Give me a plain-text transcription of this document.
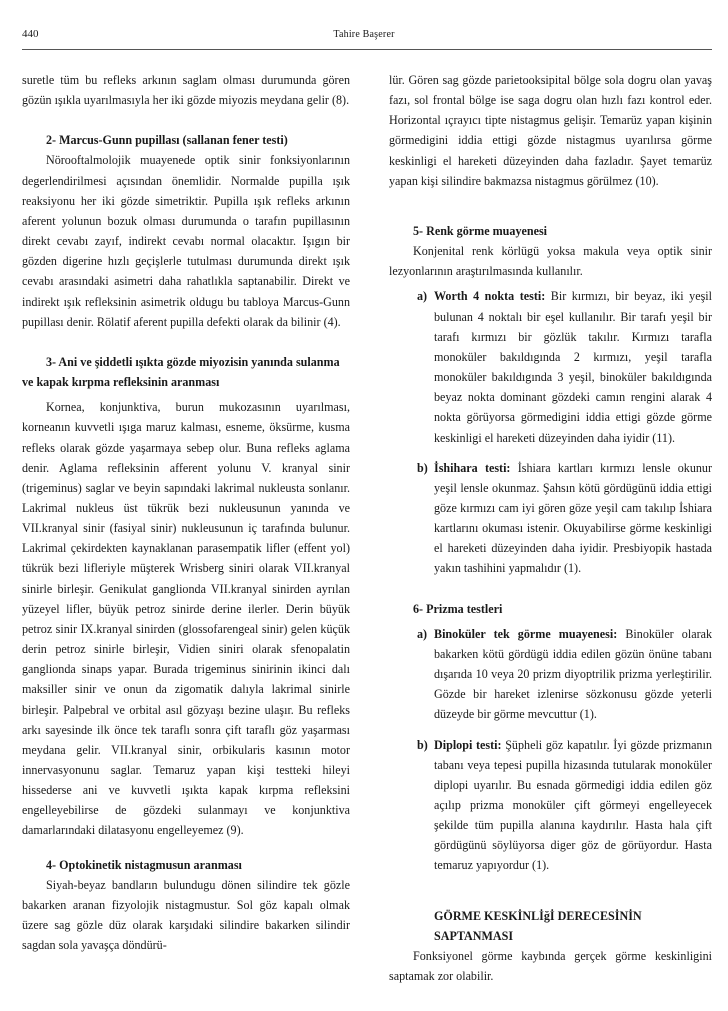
440	Tahire Başerer

suretle tüm bu refleks arkının saglam olması durumunda gören gözün ışıkla uyarılmasıyla her iki gözde miyozis meydana gelir (8).

2- Marcus-Gunn pupillası (sallanan fener testi)

Nörooftalmolojik muayenede optik sinir fonksiyonlarının degerlendirilmesi açısından önemlidir. Normalde pupilla ışık reaksiyonu her iki gözde simetriktir. Pupilla ışık refleks arkının aferent yolunun bozuk olması durumunda o tarafın pupillasının direkt cevabı zayıf, indirekt cevabı normal olacaktır. Işıgın bir gözden digerine hızlı geçişlerle tutulması durumunda direkt ışık cevabı arasındaki asimetri daha rahatlıkla saptanabilir. Direkt ve indirekt ışık refleksinin asimetrik oldugu bu tabloya Marcus-Gunn pupillası denir. Rölatif aferent pupilla defekti olarak da bilinir (4).

3- Ani ve şiddetli ışıkta gözde miyozisin yanında sulanma ve kapak kırpma refleksinin aranması

Kornea, konjunktiva, burun mukozasının uyarılması, korneanın kuvvetli ışıga maruz kalması, esneme, öksürme, kusma refleks olarak gözde yaşarmaya sebep olur. Buna refleks aglama denir. Aglama refleksinin afferent yolunu V. kranyal sinir (trigeminus) saglar ve beyin sapındaki lakrimal nukleusta sonlanır. Lakrimal nukleus üst tükrük bezi nukleusunun yanında ve VII.kranyal sinir (fasiyal sinir) nukleusunun iç tarafında bulunur. Lakrimal çekirdekten kaynaklanan parasempatik lifler (effent yol) tükrük bezi lifleriyle müşterek Wrisberg siniri olarak VII.kranyal sinirle birleşir. Genikulat ganglionda VII.kranyal sinirden ayrılan yüzeyel lifler, büyük petroz sinirde derine ilerler. Derin büyük petroz sinir IX.kranyal sinirden (glossofarengeal sinir) gelen küçük derin petroz sinirle birleşir, Vidien siniri olarak sfenopalatin ganglionda sinaps yapar. Burada trigeminus sinirinin ikinci dalı maksiller sinir ve onun da zigomatik dalıyla lakrimal sinirle birleşir. Palpebral ve orbital asıl gözyaşı bezine ulaşır. Bu refleks arkı sayesinde ilk önce tek taraflı sonra çift taraflı göz yaşarması meydana gelir. VII.kranyal sinir, orbikularis kasının motor innervasyonunu saglar. Temaruz yapan kişi testteki hileyi hissederse ani ve kuvvetli ışıkta kapak kırpma refleksini engelleyebilirse de gözdeki sulanmayı ve konjunktiva damarlarındaki dilatasyonu engelleyemez (9).

4- Optokinetik nistagmusun aranması

Siyah-beyaz bandların bulundugu dönen silindire tek gözle bakarken aranan fizyolojik nistagmustur. Sol göz kapalı olmak üzere sag gözle düz olarak karşıdaki silindire bakarken silindir sagdan sola yavaşça döndürü-

lür. Gören sag gözde parietooksipital bölge sola dogru olan yavaş fazı, sol frontal bölge ise saga dogru olan hızlı fazı kontrol eder. Horizontal ıçrayıcı tipte nistagmus gelişir. Temarüz yapan kişinin görmedigini iddia ettigi gözde nistagmus uyarılırsa görme keskinligi el hareketi düzeyinden daha fazladır. Şayet temarüz yapan kişi silindire bakmazsa nistagmus görülmez (10).

5- Renk görme muayenesi

Konjenital renk körlügü yoksa makula veya optik sinir lezyonlarının araştırılmasında kullanılır.

a) Worth 4 nokta testi: Bir kırmızı, bir beyaz, iki yeşil bulunan 4 noktalı bir eşel kullanılır. Bir tarafı yeşil bir tarafı kırmızı bir gözlük takılır. Kırmızı tarafla monoküler bakıldıgında 2 kırmızı, yeşil tarafla monoküler bakıldıgında 3 yeşil, binoküler bakıldıgında beyaz nokta dominant gözdeki camın rengini alarak 4 nokta görüyorsa görmedigini iddia ettigi gözde görme keskinligi el hareketi düzeyinden daha iyidir (11).
b) İshihara testi: İshiara kartları kırmızı lensle okunur yeşil lensle okunmaz. Şahsın kötü gördügünü iddia ettigi göze kırmızı cam iyi gören göze yeşil cam takılıp İshiara kartlarını okuması istenir. Okuyabilirse görme keskinligi el hareketi düzeyinden daha iyidir. Presbiyopik hastada yakın tashihini yapmalıdır (1).

6- Prizma testleri

a) Binoküler tek görme muayenesi: Binoküler olarak bakarken kötü gördügü iddia edilen gözün önüne tabanı dışarıda 10 veya 20 prizm diyoptrilik prizma yerleştirilir. Gözde bir hareket izlenirse sözkonusu gözde yeterli düzeyde bir görme mevcuttur (1).
b) Diplopi testi: Şüpheli göz kapatılır. İyi gözde prizmanın tabanı veya tepesi pupilla hizasında tutularak monoküler diplopi uyarılır. Bu esnada görmedigi iddia edilen göz açılıp prizma monoküler çift görmeyi engelleyecek şekilde tüm pupilla alanına kaydırılır. Hasta hala çift gördügünü söylüyorsa diger göz de görüyordur. Hasta temaruz yapıyordur (1).
GÖRME KESKİNLİğİ DERECESİNİN
SAPTANMASI

Fonksiyonel görme kaybında gerçek görme keskinligini saptamak zor olabilir.
